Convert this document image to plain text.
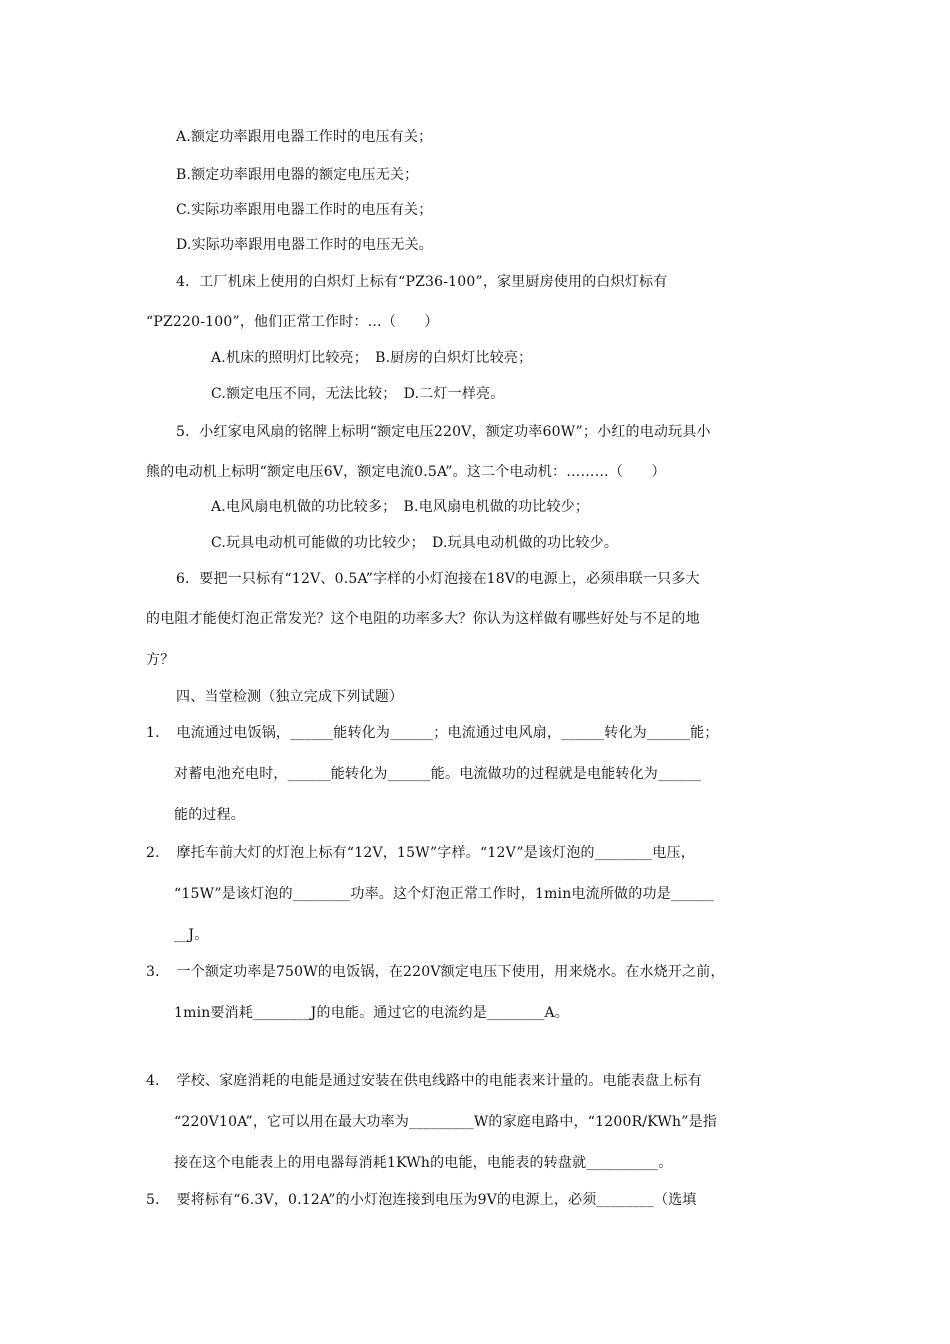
A.额定功率跟用电器工作时的电压有关；
B.额定功率跟用电器的额定电压无关；
C.实际功率跟用电器工作时的电压有关；
D.实际功率跟用电器工作时的电压无关。
4．工厂机床上使用的白炽灯上标有“PZ36-100”，家里厨房使用的白炽灯标有
“PZ220-100”，他们正常工作时：…（　　）
A.机床的照明灯比较亮；　B.厨房的白炽灯比较亮；
C.额定电压不同，无法比较；　D.二灯一样亮。
5．小红家电风扇的铭牌上标明“额定电压220V，额定功率60W”；小红的电动玩具小
熊的电动机上标明“额定电压6V，额定电流0.5A”。这二个电动机：………（　　）
A.电风扇电机做的功比较多；　B.电风扇电机做的功比较少；
C.玩具电动机可能做的功比较少；　D.玩具电动机做的功比较少。
6．要把一只标有“12V、0.5A”字样的小灯泡接在18V的电源上，必须串联一只多大
的电阻才能使灯泡正常发光？这个电阻的功率多大？你认为这样做有哪些好处与不足的地
方？
四、当堂检测（独立完成下列试题）
1．　电流通过电饭锅，______能转化为______；电流通过电风扇，______转化为______能；
对蓄电池充电时，______能转化为______能。电流做功的过程就是电能转化为______
能的过程。
2．　摩托车前大灯的灯泡上标有“12V，15W”字样。“12V”是该灯泡的________电压，
“15W”是该灯泡的________功率。这个灯泡正常工作时，1min电流所做的功是______
__J。
3．　一个额定功率是750W的电饭锅，在220V额定电压下使用，用来烧水。在水烧开之前，
1min要消耗________J的电能。通过它的电流约是________A。
4．　学校、家庭消耗的电能是通过安装在供电线路中的电能表来计量的。电能表盘上标有
“220V10A”，它可以用在最大功率为_________W的家庭电路中，“1200R/KWh”是指
接在这个电能表上的用电器每消耗1KWh的电能，电能表的转盘就__________。
5．　要将标有“6.3V，0.12A”的小灯泡连接到电压为9V的电源上，必须________（选填
